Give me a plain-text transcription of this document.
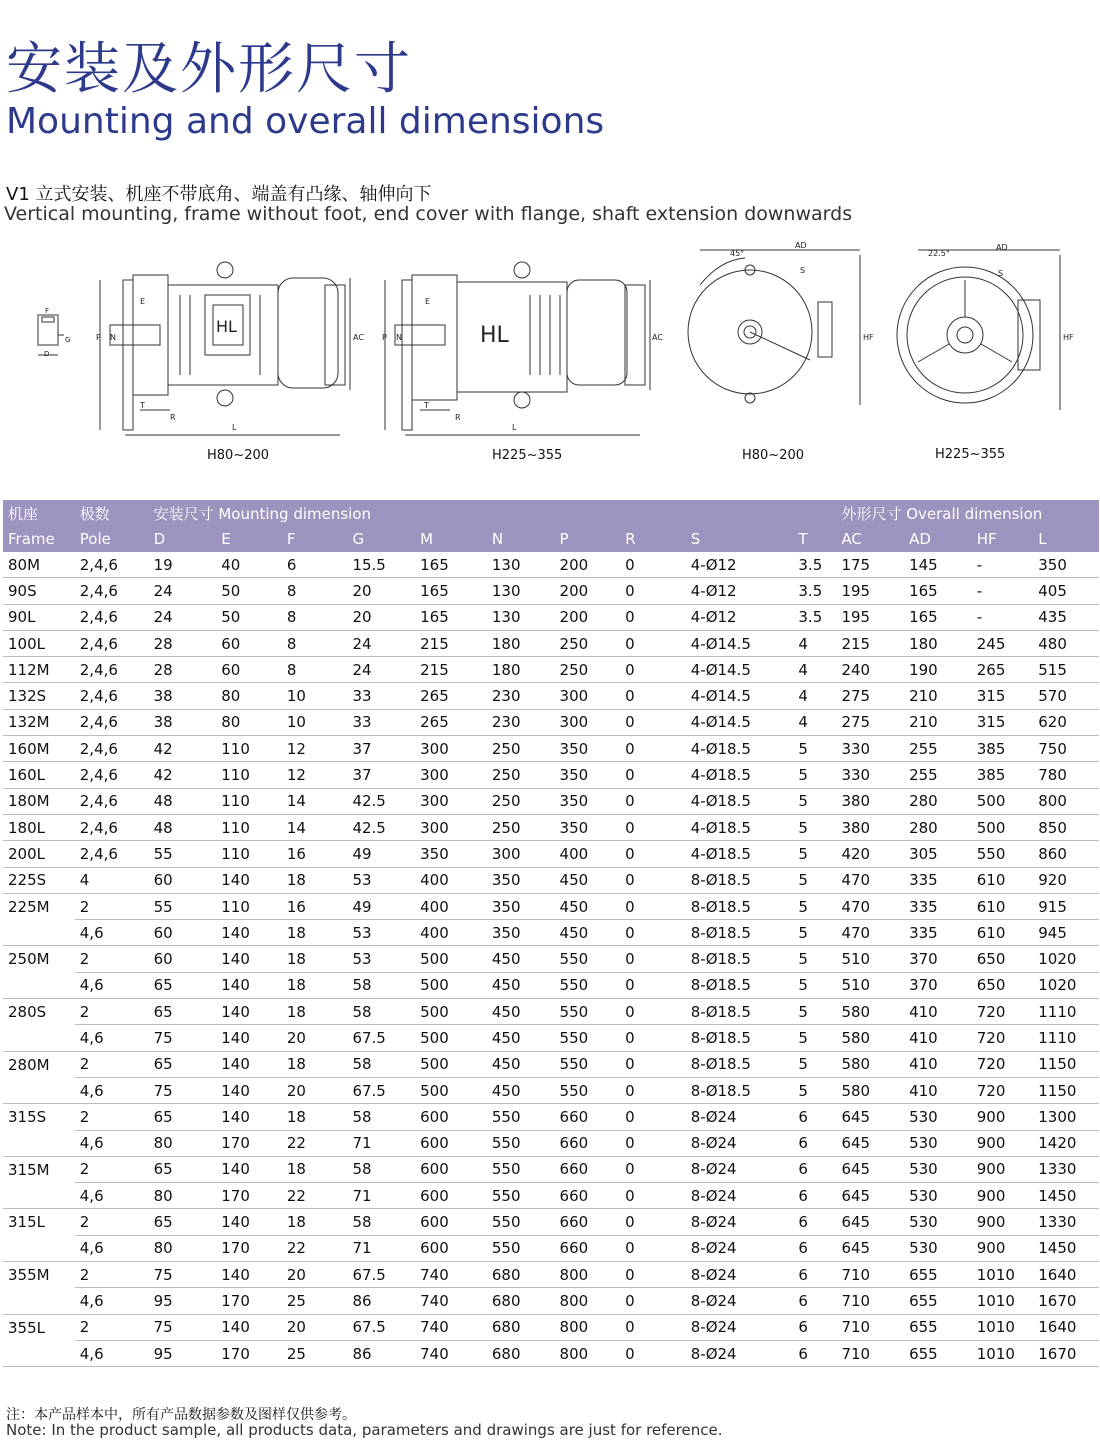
安装及外形尺寸
Mounting and overall dimensions
V1 立式安装、机座不带底角、端盖有凸缘、轴伸向下
Vertical mounting, frame without foot, end cover with flange, shaft extension downwards
F
G
D
E
P N	AC
T
R
L
HL
E
P N	AC
T
R
L
HL
45°
AD
S
HF
22.5°
AD
S
HF
H80~200	H225~355	H80~200	H225~355
机座	极数	安装尺寸 Mounting dimension										外形尺寸 Overall dimension			
Frame	Pole	D	E	F	G	M	N	P	R	S	T	AC	AD	HF	L
80M	2,4,6	19	40	6	15.5	165	130	200	0	4-Ø12	3.5	175	145	-	350
90S	2,4,6	24	50	8	20	165	130	200	0	4-Ø12	3.5	195	165	-	405
90L	2,4,6	24	50	8	20	165	130	200	0	4-Ø12	3.5	195	165	-	435
100L	2,4,6	28	60	8	24	215	180	250	0	4-Ø14.5	4	215	180	245	480
112M	2,4,6	28	60	8	24	215	180	250	0	4-Ø14.5	4	240	190	265	515
132S	2,4,6	38	80	10	33	265	230	300	0	4-Ø14.5	4	275	210	315	570
132M	2,4,6	38	80	10	33	265	230	300	0	4-Ø14.5	4	275	210	315	620
160M	2,4,6	42	110	12	37	300	250	350	0	4-Ø18.5	5	330	255	385	750
160L	2,4,6	42	110	12	37	300	250	350	0	4-Ø18.5	5	330	255	385	780
180M	2,4,6	48	110	14	42.5	300	250	350	0	4-Ø18.5	5	380	280	500	800
180L	2,4,6	48	110	14	42.5	300	250	350	0	4-Ø18.5	5	380	280	500	850
200L	2,4,6	55	110	16	49	350	300	400	0	4-Ø18.5	5	420	305	550	860
225S	4	60	140	18	53	400	350	450	0	8-Ø18.5	5	470	335	610	920
225M	2	55	110	16	49	400	350	450	0	8-Ø18.5	5	470	335	610	915
	4,6	60	140	18	53	400	350	450	0	8-Ø18.5	5	470	335	610	945
250M	2	60	140	18	53	500	450	550	0	8-Ø18.5	5	510	370	650	1020
	4,6	65	140	18	58	500	450	550	0	8-Ø18.5	5	510	370	650	1020
280S	2	65	140	18	58	500	450	550	0	8-Ø18.5	5	580	410	720	1110
	4,6	75	140	20	67.5	500	450	550	0	8-Ø18.5	5	580	410	720	1110
280M	2	65	140	18	58	500	450	550	0	8-Ø18.5	5	580	410	720	1150
	4,6	75	140	20	67.5	500	450	550	0	8-Ø18.5	5	580	410	720	1150
315S	2	65	140	18	58	600	550	660	0	8-Ø24	6	645	530	900	1300
	4,6	80	170	22	71	600	550	660	0	8-Ø24	6	645	530	900	1420
315M	2	65	140	18	58	600	550	660	0	8-Ø24	6	645	530	900	1330
	4,6	80	170	22	71	600	550	660	0	8-Ø24	6	645	530	900	1450
315L	2	65	140	18	58	600	550	660	0	8-Ø24	6	645	530	900	1330
	4,6	80	170	22	71	600	550	660	0	8-Ø24	6	645	530	900	1450
355M	2	75	140	20	67.5	740	680	800	0	8-Ø24	6	710	655	1010	1640
	4,6	95	170	25	86	740	680	800	0	8-Ø24	6	710	655	1010	1670
355L	2	75	140	20	67.5	740	680	800	0	8-Ø24	6	710	655	1010	1640
	4,6	95	170	25	86	740	680	800	0	8-Ø24	6	710	655	1010	1670
注：本产品样本中，所有产品数据参数及图样仅供参考。
Note: In the product sample, all products data, parameters and drawings are just for reference.
